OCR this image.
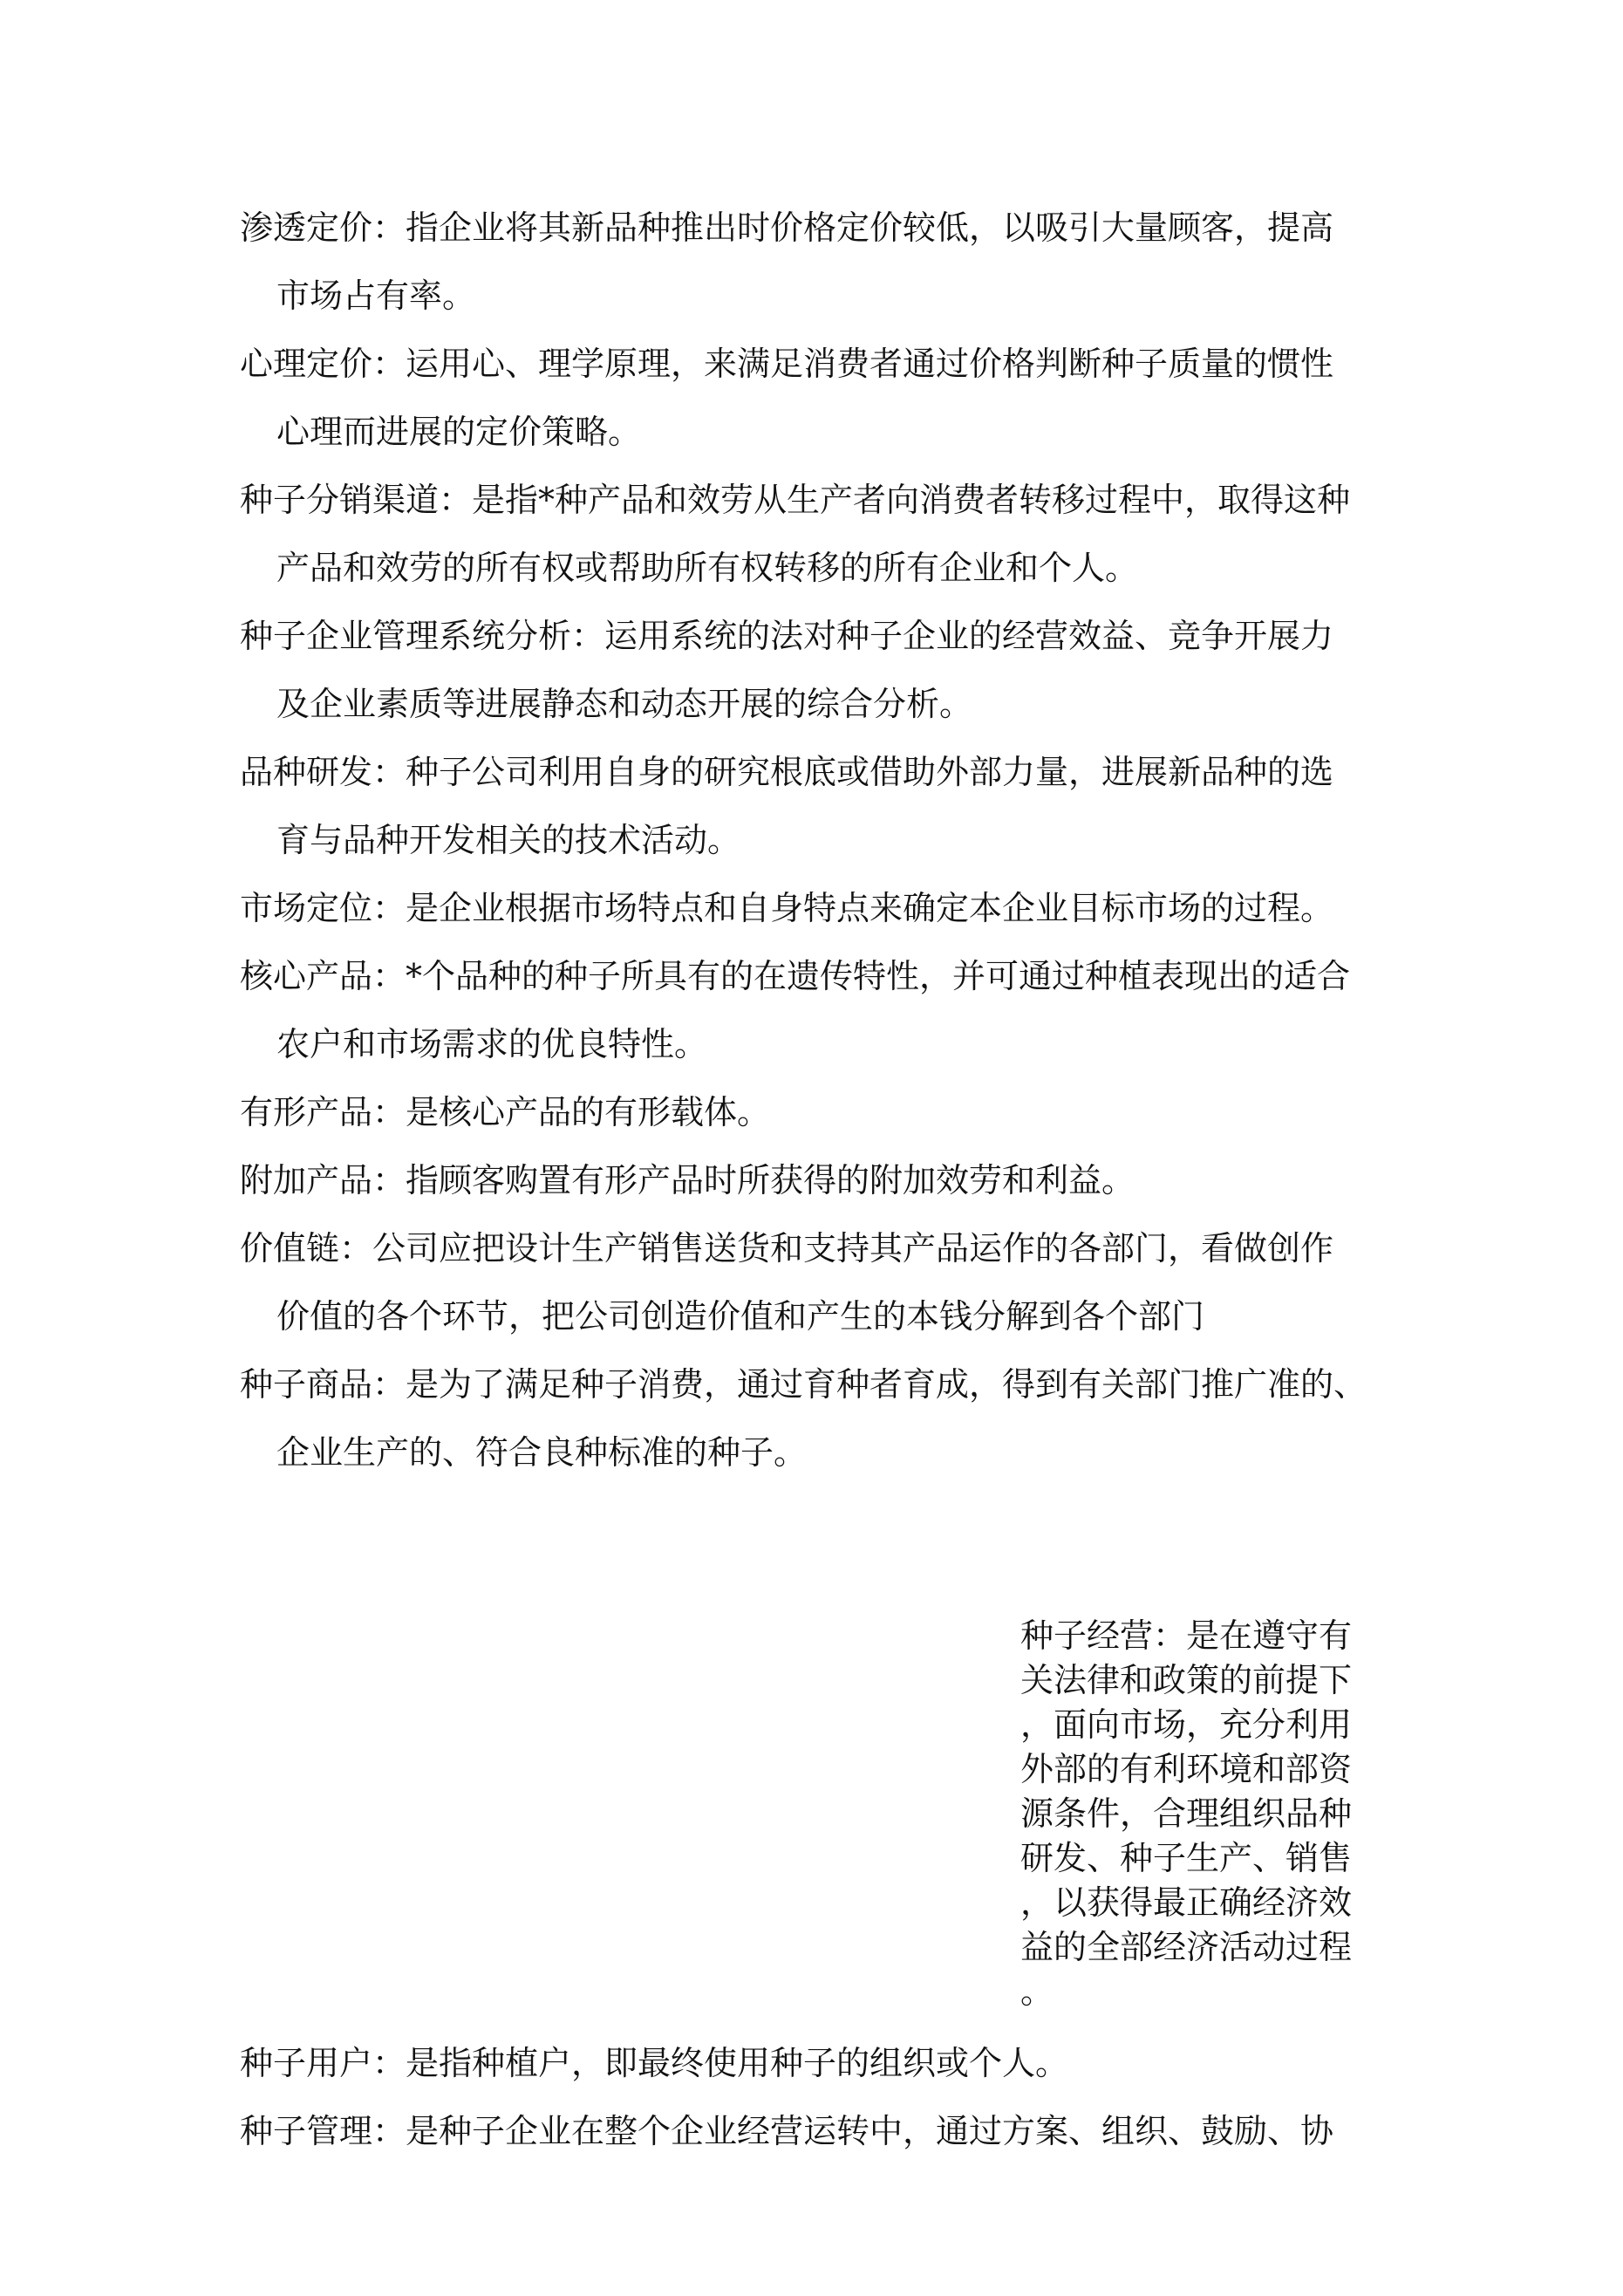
渗透定价：指企业将其新品种推出时价格定价较低，以吸引大量顾客，提高
市场占有率。

心理定价：运用心、理学原理，来满足消费者通过价格判断种子质量的惯性
心理而进展的定价策略。

种子分销渠道：是指*种产品和效劳从生产者向消费者转移过程中，取得这种
产品和效劳的所有权或帮助所有权转移的所有企业和个人。

种子企业管理系统分析：运用系统的法对种子企业的经营效益、竞争开展力
及企业素质等进展静态和动态开展的综合分析。

品种研发：种子公司利用自身的研究根底或借助外部力量，进展新品种的选
育与品种开发相关的技术活动。

市场定位：是企业根据市场特点和自身特点来确定本企业目标市场的过程。

核心产品：*个品种的种子所具有的在遗传特性，并可通过种植表现出的适合
农户和市场需求的优良特性。

有形产品：是核心产品的有形载体。

附加产品：指顾客购置有形产品时所获得的附加效劳和利益。

价值链：公司应把设计生产销售送货和支持其产品运作的各部门，看做创作
价值的各个环节，把公司创造价值和产生的本钱分解到各个部门

种子商品：是为了满足种子消费，通过育种者育成，得到有关部门推广准的、
企业生产的、符合良种标准的种子。

种子经营：是在遵守有
关法律和政策的前提下
，面向市场，充分利用
外部的有利环境和部资
源条件，合理组织品种
研发、种子生产、销售
，以获得最正确经济效
益的全部经济活动过程
。

种子用户：是指种植户，即最终使用种子的组织或个人。

种子管理：是种子企业在整个企业经营运转中，通过方案、组织、鼓励、协
